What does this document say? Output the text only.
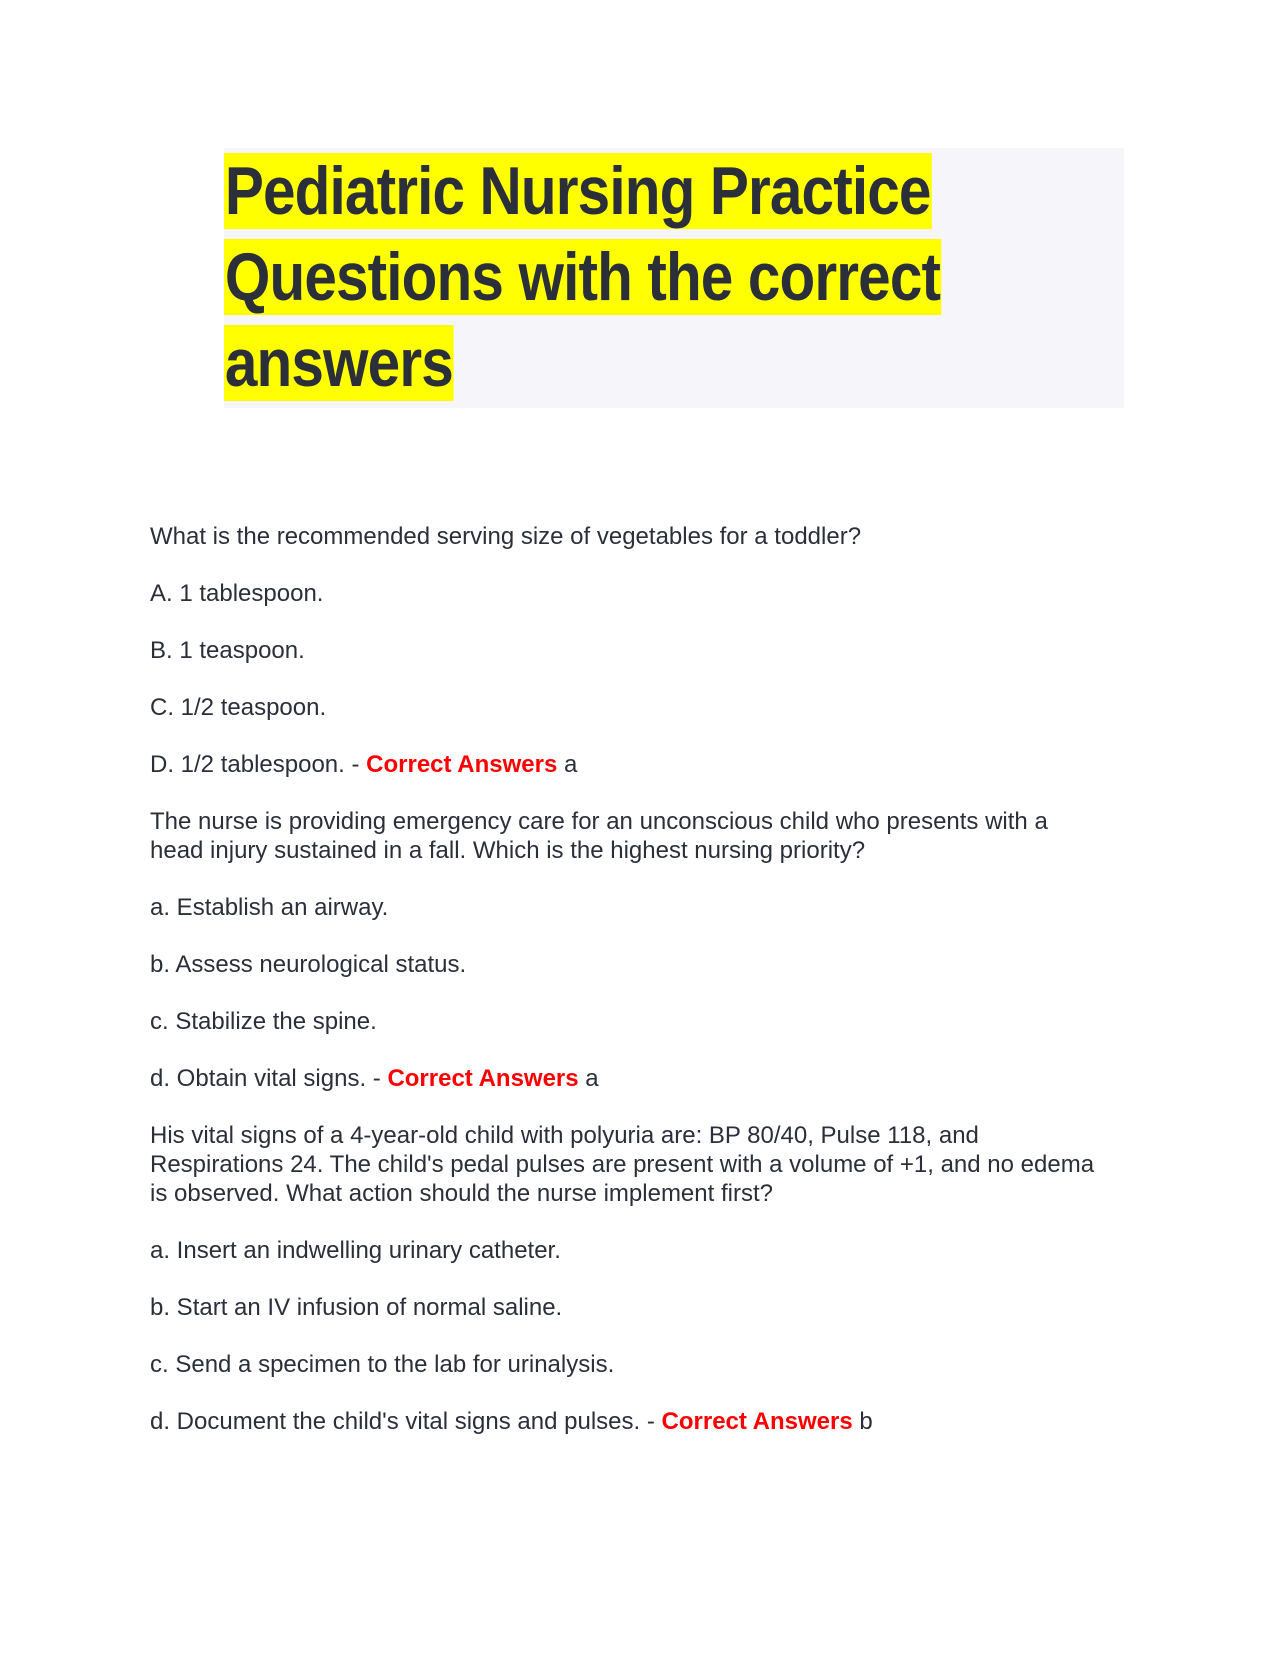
Pediatric Nursing Practice Questions with the correct answers

What is the recommended serving size of vegetables for a toddler?

A. 1 tablespoon.

B. 1 teaspoon.

C. 1/2 teaspoon.

D. 1/2 tablespoon. - Correct Answers a

The nurse is providing emergency care for an unconscious child who presents with a head injury sustained in a fall. Which is the highest nursing priority?

a. Establish an airway.

b. Assess neurological status.

c. Stabilize the spine.

d. Obtain vital signs. - Correct Answers a

His vital signs of a 4-year-old child with polyuria are: BP 80/40, Pulse 118, and Respirations 24. The child's pedal pulses are present with a volume of +1, and no edema is observed. What action should the nurse implement first?

a. Insert an indwelling urinary catheter.

b. Start an IV infusion of normal saline.

c. Send a specimen to the lab for urinalysis.

d. Document the child's vital signs and pulses. - Correct Answers b
